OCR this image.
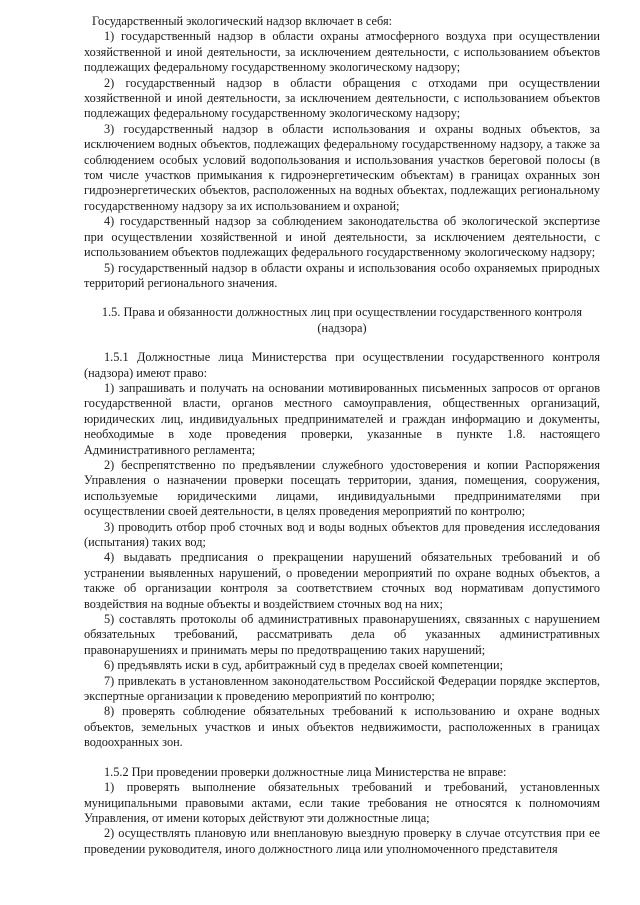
Государственный экологический надзор включает в себя:

1) государственный надзор в области охраны атмосферного воздуха при осуществлении хозяйственной и иной деятельности, за исключением деятельности, с использованием объектов подлежащих федеральному государственному экологическому надзору;

2) государственный надзор в области обращения с отходами при осуществлении хозяйственной и иной деятельности, за исключением деятельности, с использованием объектов подлежащих федеральному государственному экологическому надзору;

3) государственный надзор в области использования и охраны водных объектов, за исключением водных объектов, подлежащих федеральному государственному надзору, а также за соблюдением особых условий водопользования и использования участков береговой полосы (в том числе участков примыкания к гидроэнергетическим объектам) в границах охранных зон гидроэнергетических объектов, расположенных на водных объектах, подлежащих региональному государственному надзору за их использованием и охраной;

4) государственный надзор за соблюдением законодательства об экологической экспертизе при осуществлении хозяйственной и иной деятельности, за исключением деятельности, с использованием объектов подлежащих федерального государственному экологическому надзору;

5) государственный надзор в области охраны и использования особо охраняемых природных территорий регионального значения.

1.5. Права и обязанности должностных лиц при осуществлении государственного контроля (надзора)

1.5.1 Должностные лица Министерства при осуществлении государственного контроля (надзора) имеют право:

1) запрашивать и получать на основании мотивированных письменных запросов от органов государственной власти, органов местного самоуправления, общественных организаций, юридических лиц, индивидуальных предпринимателей и граждан информацию и документы, необходимые в ходе проведения проверки, указанные в пункте 1.8. настоящего Административного регламента;

2) беспрепятственно по предъявлении служебного удостоверения и копии Распоряжения Управления о назначении проверки посещать территории, здания, помещения, сооружения, используемые юридическими лицами, индивидуальными предпринимателями при осуществлении своей деятельности, в целях проведения мероприятий по контролю;

3) проводить отбор проб сточных вод и воды водных объектов для проведения исследования (испытания) таких вод;

4) выдавать предписания о прекращении нарушений обязательных требований и об устранении выявленных нарушений, о проведении мероприятий по охране водных объектов, а также об организации контроля за соответствием сточных вод нормативам допустимого воздействия на водные объекты и воздействием сточных вод на них;

5) составлять протоколы об административных правонарушениях, связанных с нарушением обязательных требований, рассматривать дела об указанных административных правонарушениях и принимать меры по предотвращению таких нарушений;

6) предъявлять иски в суд, арбитражный суд в пределах своей компетенции;

7) привлекать в установленном законодательством Российской Федерации порядке экспертов, экспертные организации к проведению мероприятий по контролю;

8) проверять соблюдение обязательных требований к использованию и охране водных объектов, земельных участков и иных объектов недвижимости, расположенных в границах водоохранных зон.

1.5.2 При проведении проверки должностные лица Министерства не вправе:

1) проверять выполнение обязательных требований и требований, установленных муниципальными правовыми актами, если такие требования не относятся к полномочиям Управления, от имени которых действуют эти должностные лица;

2) осуществлять плановую или внеплановую выездную проверку в случае отсутствия при ее проведении руководителя, иного должностного лица или уполномоченного представителя
